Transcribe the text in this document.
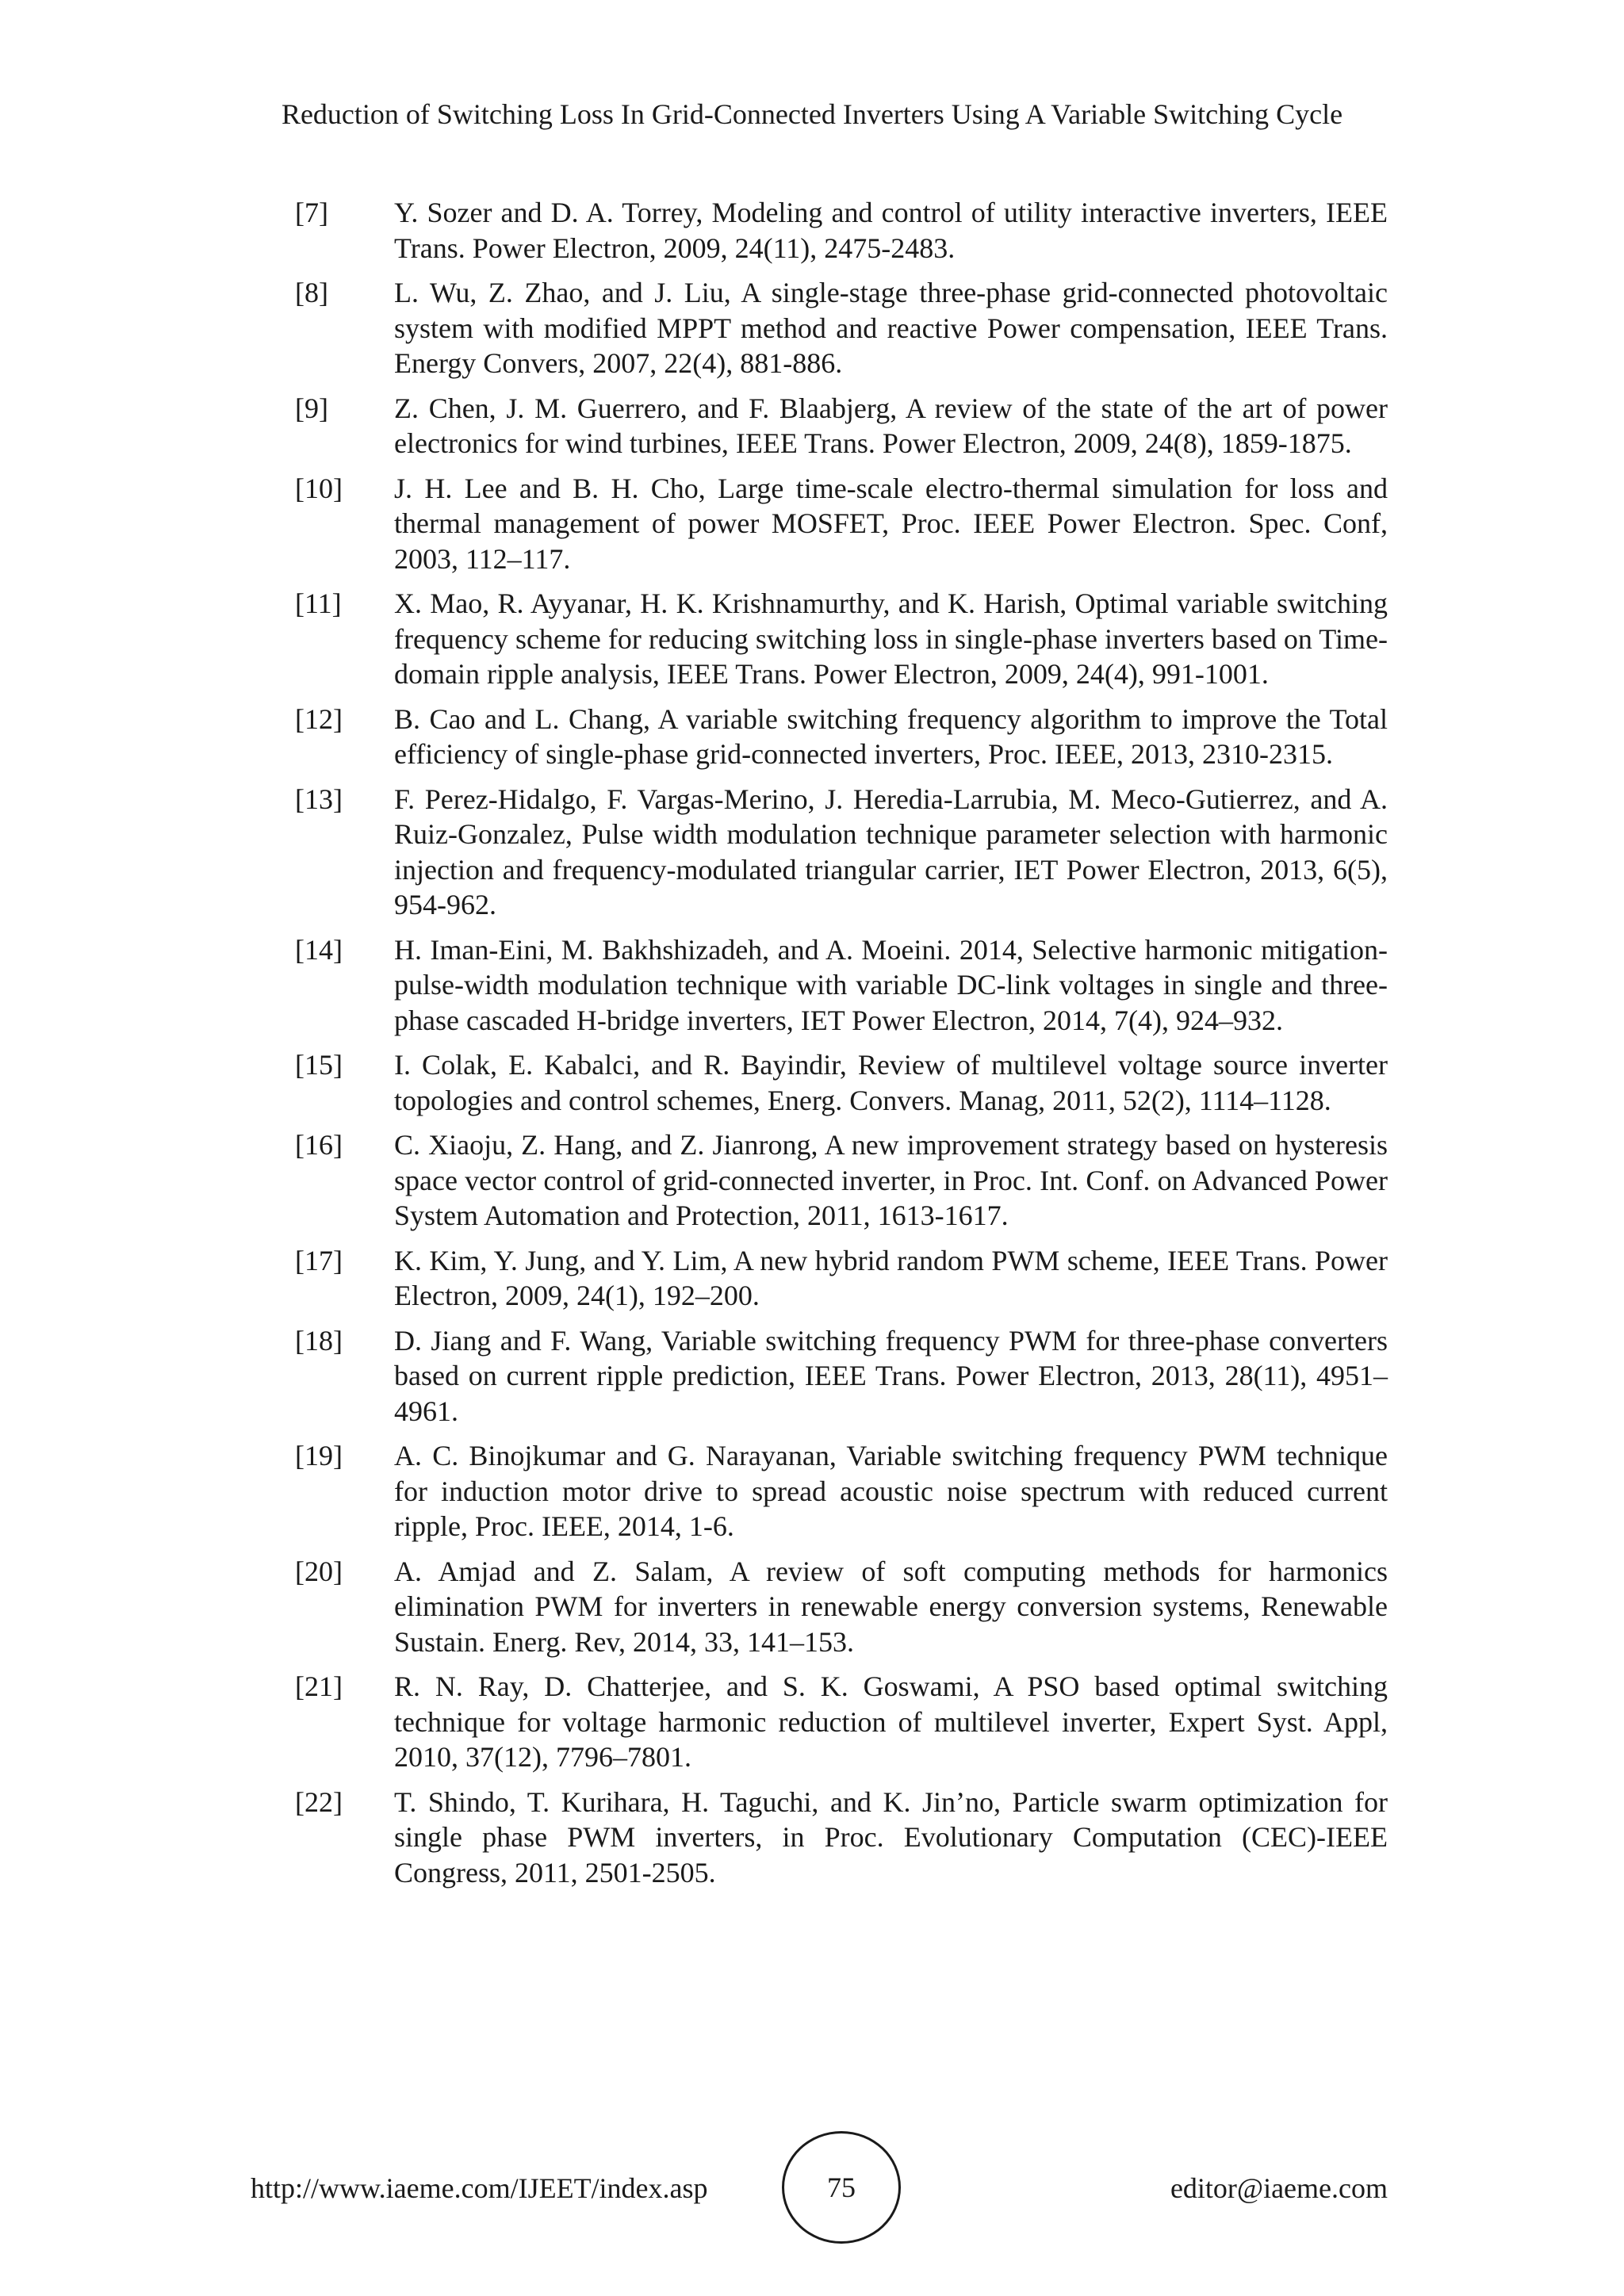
Reduction of Switching Loss In Grid-Connected Inverters Using A Variable Switching Cycle
[7]	Y. Sozer and D. A. Torrey, Modeling and control of utility interactive inverters, IEEE Trans. Power Electron, 2009, 24(11), 2475-2483.
[8]	L. Wu, Z. Zhao, and J. Liu, A single-stage three-phase grid-connected photovoltaic system with modified MPPT method and reactive Power compensation, IEEE Trans. Energy Convers, 2007, 22(4), 881-886.
[9]	Z. Chen, J. M. Guerrero, and F. Blaabjerg, A review of the state of the art of power electronics for wind turbines, IEEE Trans. Power Electron, 2009, 24(8), 1859-1875.
[10]	J. H. Lee and B. H. Cho, Large time-scale electro-thermal simulation for loss and thermal management of power MOSFET, Proc. IEEE Power Electron. Spec. Conf, 2003, 112–117.
[11]	X. Mao, R. Ayyanar, H. K. Krishnamurthy, and K. Harish, Optimal variable switching frequency scheme for reducing switching loss in single-phase inverters based on Time-domain ripple analysis, IEEE Trans. Power Electron, 2009, 24(4), 991-1001.
[12]	B. Cao and L. Chang, A variable switching frequency algorithm to improve the Total efficiency of single-phase grid-connected inverters, Proc. IEEE, 2013, 2310-2315.
[13]	F. Perez-Hidalgo, F. Vargas-Merino, J. Heredia-Larrubia, M. Meco-Gutierrez, and A. Ruiz-Gonzalez, Pulse width modulation technique parameter selection with harmonic injection and frequency-modulated triangular carrier, IET Power Electron, 2013, 6(5), 954-962.
[14]	H. Iman-Eini, M. Bakhshizadeh, and A. Moeini. 2014, Selective harmonic mitigation-pulse-width modulation technique with variable DC-link voltages in single and three-phase cascaded H-bridge inverters, IET Power Electron, 2014, 7(4), 924–932.
[15]	I. Colak, E. Kabalci, and R. Bayindir, Review of multilevel voltage source inverter topologies and control schemes, Energ. Convers. Manag, 2011, 52(2), 1114–1128.
[16]	C. Xiaoju, Z. Hang, and Z. Jianrong, A new improvement strategy based on hysteresis space vector control of grid-connected inverter, in Proc. Int. Conf. on Advanced Power System Automation and Protection, 2011, 1613-1617.
[17]	K. Kim, Y. Jung, and Y. Lim, A new hybrid random PWM scheme, IEEE Trans. Power Electron, 2009, 24(1), 192–200.
[18]	D. Jiang and F. Wang, Variable switching frequency PWM for three-phase converters based on current ripple prediction, IEEE Trans. Power Electron, 2013, 28(11), 4951–4961.
[19]	A. C. Binojkumar and G. Narayanan, Variable switching frequency PWM technique for induction motor drive to spread acoustic noise spectrum with reduced current ripple, Proc. IEEE, 2014, 1-6.
[20]	A. Amjad and Z. Salam, A review of soft computing methods for harmonics elimination PWM for inverters in renewable energy conversion systems, Renewable Sustain. Energ. Rev, 2014, 33, 141–153.
[21]	R. N. Ray, D. Chatterjee, and S. K. Goswami, A PSO based optimal switching technique for voltage harmonic reduction of multilevel inverter, Expert Syst. Appl, 2010, 37(12), 7796–7801.
[22]	T. Shindo, T. Kurihara, H. Taguchi, and K. Jin’no, Particle swarm optimization for single phase PWM inverters, in Proc. Evolutionary Computation (CEC)-IEEE Congress, 2011, 2501-2505.
http://www.iaeme.com/IJEET/index.asp	75	editor@iaeme.com
